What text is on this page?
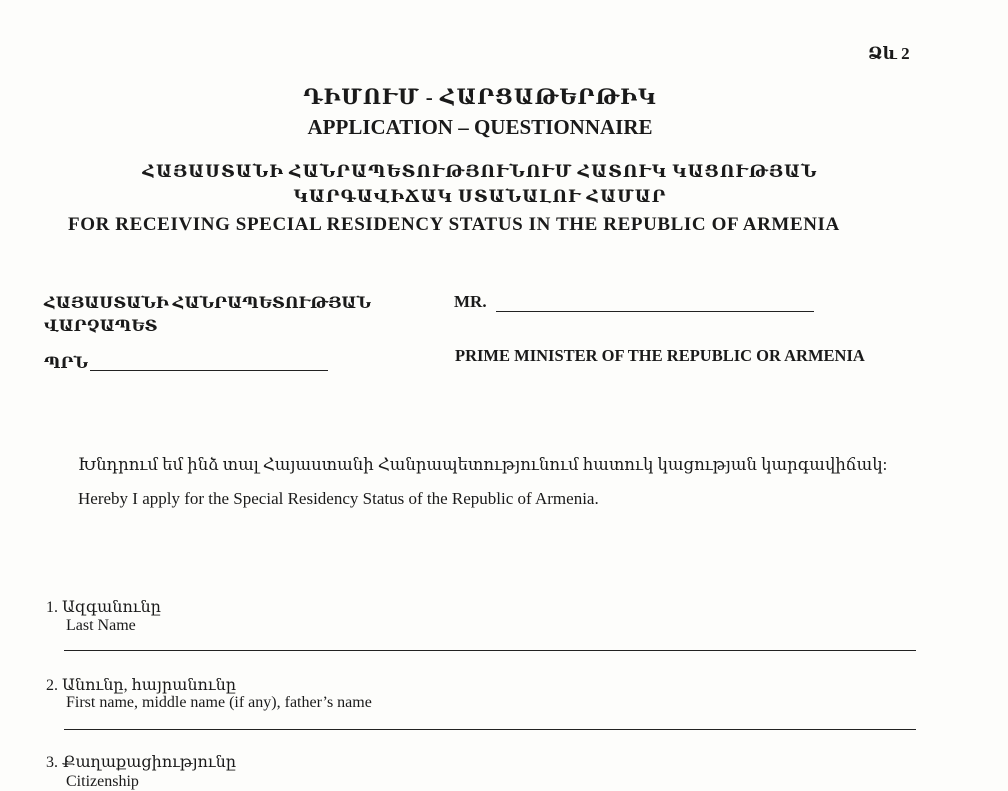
Ձև 2
ԴԻՄՈՒՄ - ՀԱՐՑԱԹԵՐԹԻԿ
APPLICATION – QUESTIONNAIRE
ՀԱՅԱՍՏԱՆԻ ՀԱՆՐԱՊԵՏՈՒԹՅՈՒՆՈՒՄ ՀԱՏՈՒԿ ԿԱՑՈՒԹՅԱՆ
ԿԱՐԳԱՎԻՃԱԿ ՍՏԱՆԱԼՈՒ ՀԱՄԱՐ
FOR RECEIVING SPECIAL RESIDENCY STATUS IN THE REPUBLIC OF ARMENIA
ՀԱՅԱՍՏԱՆԻ ՀԱՆՐԱՊԵՏՈՒԹՅԱՆ
ՎԱՐՉԱՊԵՏ
MR.
ՊՐՆ	PRIME MINISTER OF THE REPUBLIC OR ARMENIA
Խնդրում եմ ինձ տալ Հայաստանի Հանրապետությունում հատուկ կացության կարգավիճակ:
Hereby I apply for the Special Residency Status of the Republic of Armenia.
1. Ազգանունը
Last Name
2. Անունը, հայրանունը
First name, middle name (if any), father’s name
3. Քաղաքացիությունը
Citizenship
